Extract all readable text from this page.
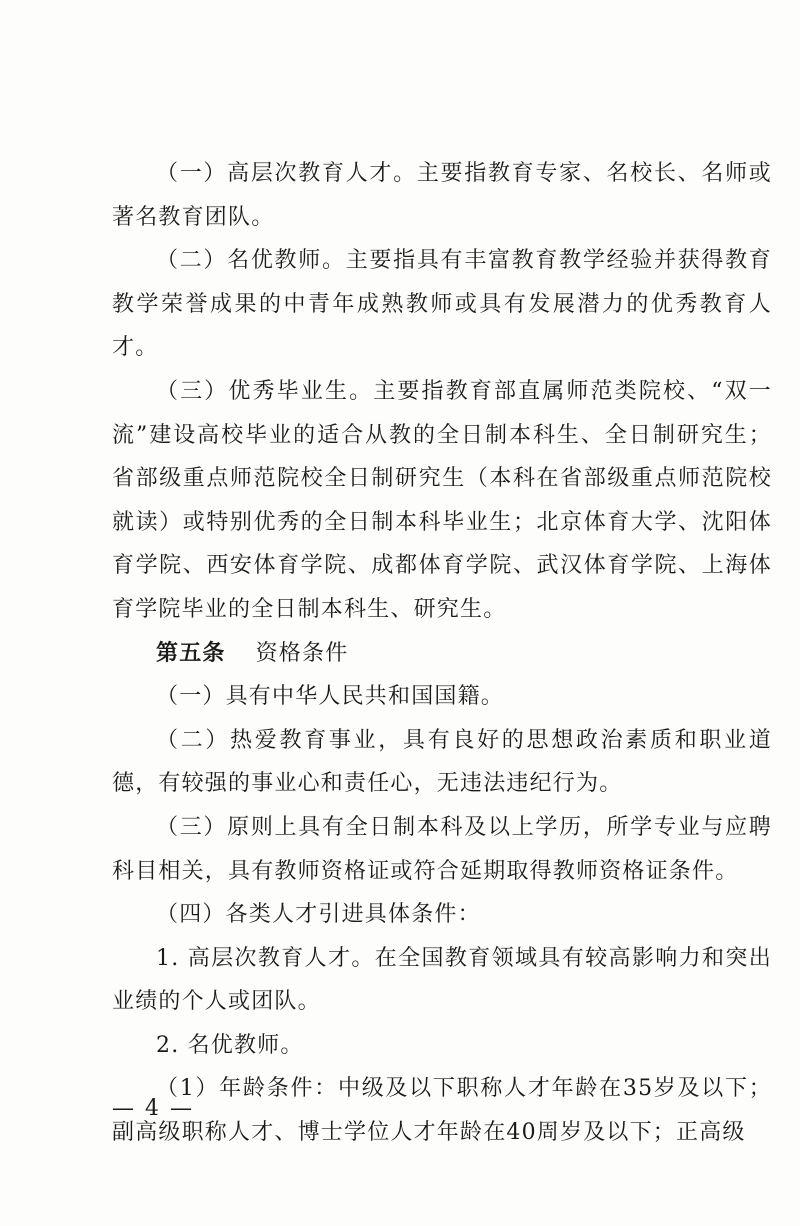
（一）高层次教育人才。主要指教育专家、名校长、名师或著名教育团队。

（二）名优教师。主要指具有丰富教育教学经验并获得教育教学荣誉成果的中青年成熟教师或具有发展潜力的优秀教育人才。

（三）优秀毕业生。主要指教育部直属师范类院校、“双一流”建设高校毕业的适合从教的全日制本科生、全日制研究生；省部级重点师范院校全日制研究生（本科在省部级重点师范院校就读）或特别优秀的全日制本科毕业生；北京体育大学、沈阳体育学院、西安体育学院、成都体育学院、武汉体育学院、上海体育学院毕业的全日制本科生、研究生。

第五条 资格条件

（一）具有中华人民共和国国籍。

（二）热爱教育事业，具有良好的思想政治素质和职业道德，有较强的事业心和责任心，无违法违纪行为。

（三）原则上具有全日制本科及以上学历，所学专业与应聘科目相关，具有教师资格证或符合延期取得教师资格证条件。

（四）各类人才引进具体条件：

1. 高层次教育人才。在全国教育领域具有较高影响力和突出业绩的个人或团队。

2. 名优教师。

（1）年龄条件：中级及以下职称人才年龄在35岁及以下；副高级职称人才、博士学位人才年龄在40周岁及以下；正高级

— 4 —
